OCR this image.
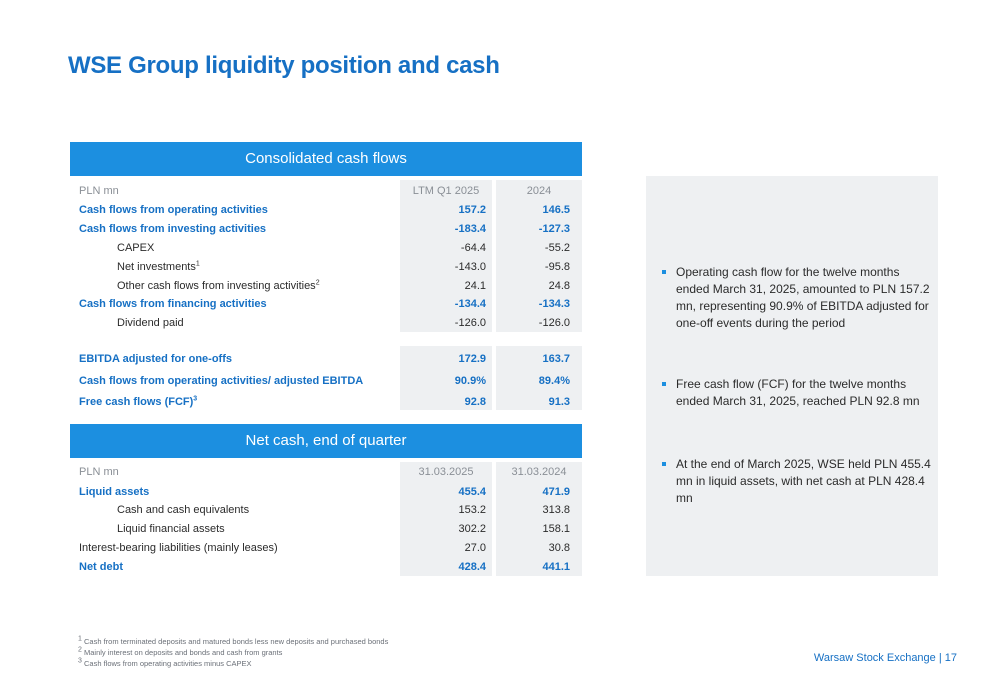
WSE Group liquidity position and cash
Consolidated cash flows
PLN mn	LTM Q1 2025	2024
Cash flows from operating activities	157.2	146.5
Cash flows from investing activities	-183.4	-127.3
CAPEX	-64.4	-55.2
Net investments$^1$	-143.0	-95.8
Other cash flows from investing activities$^2$	24.1	24.8
Cash flows from financing activities	-134.4	-134.3
Dividend paid	-126.0	-126.0
EBITDA adjusted for one-offs	172.9	163.7
Cash flows from operating activities/ adjusted EBITDA	90.9%	89.4%
Free cash flows (FCF)$^3$	92.8	91.3
Net cash, end of quarter
PLN mn	31.03.2025	31.03.2024
Liquid assets	455.4	471.9
Cash and cash equivalents	153.2	313.8
Liquid financial assets	302.2	158.1
Interest-bearing liabilities (mainly leases)	27.0	30.8
Net debt	428.4	441.1
Operating cash flow for the twelve months ended March 31, 2025, amounted to PLN 157.2 mn, representing 90.9% of EBITDA adjusted for one-off events during the period
Free cash flow (FCF) for the twelve months ended March 31, 2025, reached PLN 92.8 mn
At the end of March 2025, WSE held PLN 455.4 mn in liquid assets, with net cash at PLN 428.4 mn
$^1$ Cash from terminated deposits and matured bonds less new deposits and purchased bonds
$^2$ Mainly interest on deposits and bonds and cash from grants
$^3$ Cash flows from operating activities minus CAPEX	Warsaw Stock Exchange | 17
